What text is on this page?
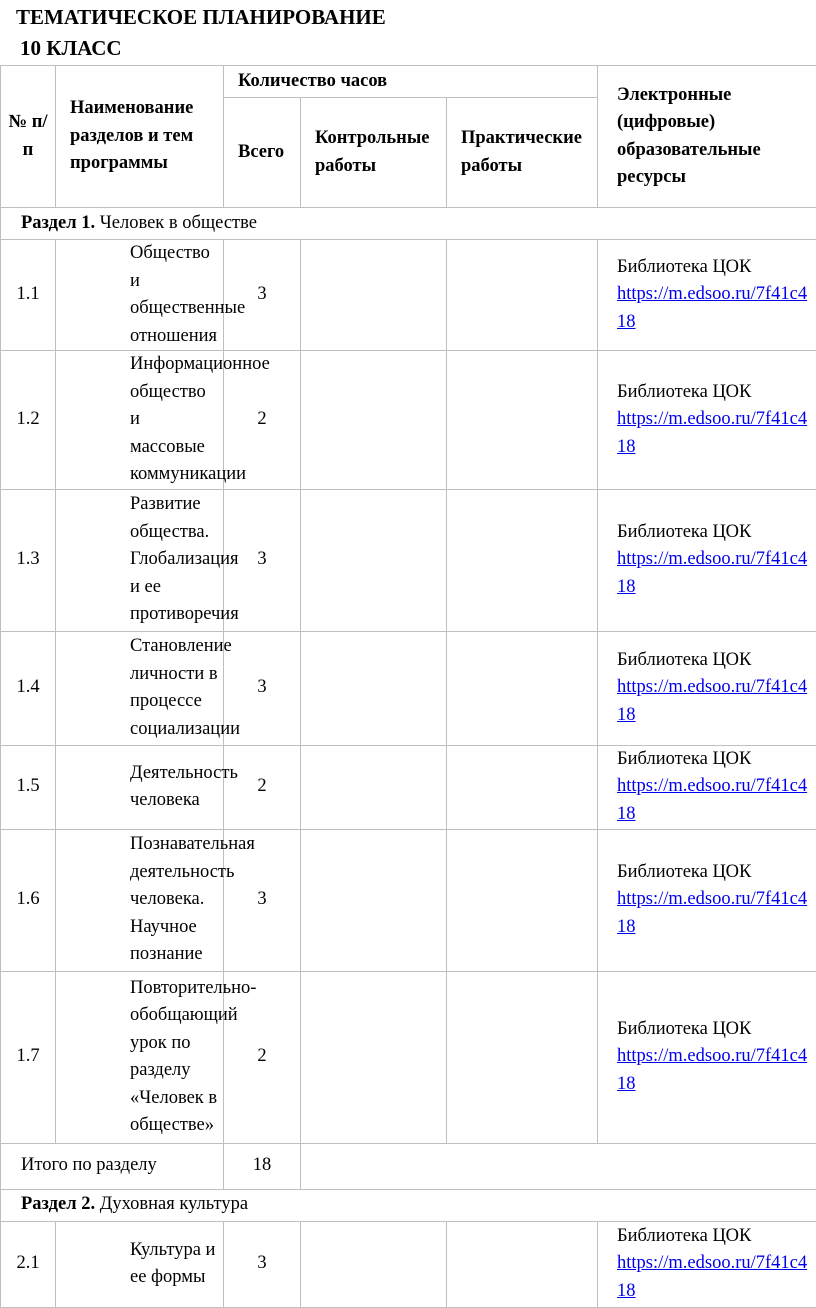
ТЕМАТИЧЕСКОЕ ПЛАНИРОВАНИЕ

10 КЛАСС

№ п/п	Наименование разделов и тем программы	Количество часов			Электронные (цифровые) образовательные ресурсы
		Всего	Контрольные работы	Практические работы	
Раздел 1. Человек в обществе					
1.1	Общество и общественные отношения	3			Библиотека ЦОК
https://m.edsoo.ru/7f41c418
1.2	Информационное общество и массовые коммуникации	2			Библиотека ЦОК
https://m.edsoo.ru/7f41c418
1.3	Развитие общества. Глобализация и ее противоречия	3			Библиотека ЦОК
https://m.edsoo.ru/7f41c418
1.4	Становление личности в процессе социализации	3			Библиотека ЦОК
https://m.edsoo.ru/7f41c418
1.5	Деятельность человека	2			Библиотека ЦОК
https://m.edsoo.ru/7f41c418
1.6	Познавательная деятельность человека. Научное познание	3			Библиотека ЦОК
https://m.edsoo.ru/7f41c418
1.7	Повторительно-обобщающий урок по разделу «Человек в обществе»	2			Библиотека ЦОК
https://m.edsoo.ru/7f41c418
Итого по разделу		18			
Раздел 2. Духовная культура					
2.1	Культура и ее формы	3			Библиотека ЦОК
https://m.edsoo.ru/7f41c418
